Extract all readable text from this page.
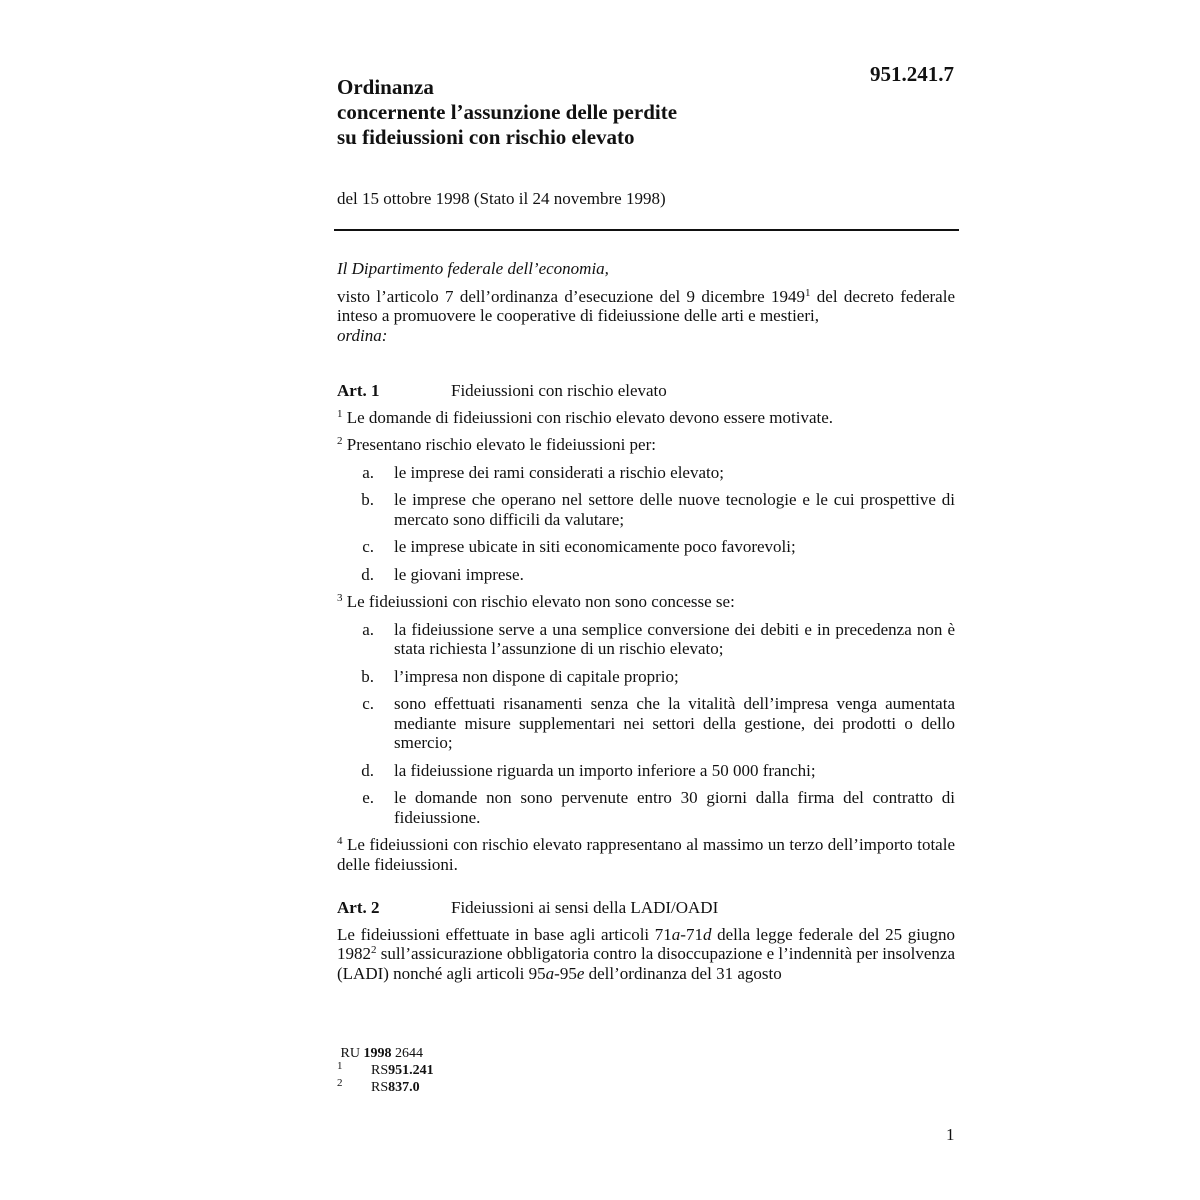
Ordinanza
concernente l’assunzione delle perdite
su fideiussioni con rischio elevato
951.241.7
del 15 ottobre 1998 (Stato il 24 novembre 1998)
Il Dipartimento federale dell’economia,

visto l’articolo 7 dell’ordinanza d’esecuzione del 9 dicembre 1949$^1$ del decreto federale inteso a promuovere le cooperative di fideiussione delle arti e mestieri,

ordina:

Art. 1	Fideiussioni con rischio elevato

$^1$ Le domande di fideiussioni con rischio elevato devono essere motivate.

$^2$ Presentano rischio elevato le fideiussioni per:

a.	le imprese dei rami considerati a rischio elevato;
b.	le imprese che operano nel settore delle nuove tecnologie e le cui prospettive di mercato sono difficili da valutare;
c.	le imprese ubicate in siti economicamente poco favorevoli;
d.	le giovani imprese.

$^3$ Le fideiussioni con rischio elevato non sono concesse se:

a.	la fideiussione serve a una semplice conversione dei debiti e in precedenza non è stata richiesta l’assunzione di un rischio elevato;
b.	l’impresa non dispone di capitale proprio;
c.	sono effettuati risanamenti senza che la vitalità dell’impresa venga aumentata mediante misure supplementari nei settori della gestione, dei prodotti o dello smercio;
d.	la fideiussione riguarda un importo inferiore a 50 000 franchi;
e.	le domande non sono pervenute entro 30 giorni dalla firma del contratto di fideiussione.

$^4$ Le fideiussioni con rischio elevato rappresentano al massimo un terzo dell’importo totale delle fideiussioni.

Art. 2	Fideiussioni ai sensi della LADI/OADI

Le fideiussioni effettuate in base agli articoli 71a-71d della legge federale del 25 giugno 1982$^2$ sull’assicurazione obbligatoria contro la disoccupazione e l’indennità per insolvenza (LADI) nonché agli articoli 95a-95e dell’ordinanza del 31 agosto

RU 1998 2644
1	RS 951.241
2	RS 837.0
1
